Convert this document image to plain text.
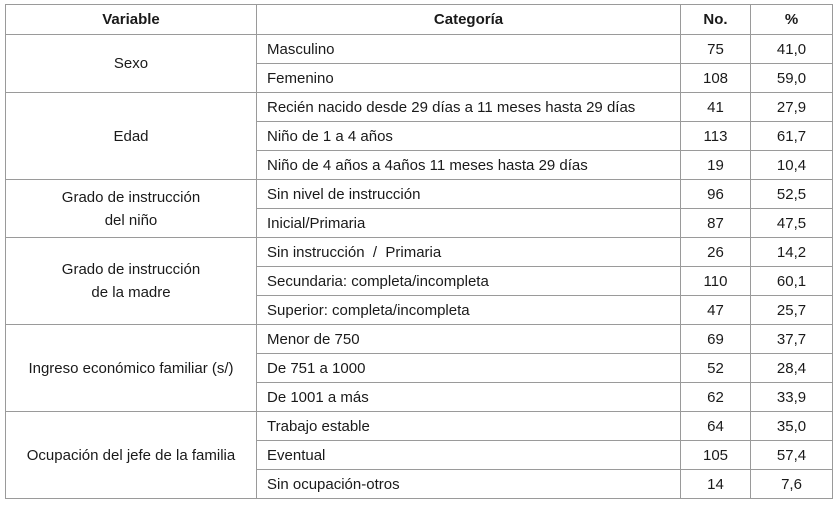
Variable	Categoría	No.	%

Sexo	Masculino	75	41,0
	Femenino	108	59,0

Edad	Recién nacido desde 29 días a 11 meses hasta 29 días	41	27,9
	Niño de 1 a 4 años	113	61,7
	Niño de 4 años a 4años 11 meses hasta 29 días	19	10,4

Grado de instrucción
del niño	Sin nivel de instrucción	96	52,5
	Inicial/Primaria	87	47,5

Grado de instrucción
de la madre	Sin instrucción  /  Primaria	26	14,2
	Secundaria: completa/incompleta	110	60,1
	Superior: completa/incompleta	47	25,7

Ingreso económico familiar (s/)	Menor de 750	69	37,7
	De 751 a 1000	52	28,4
	De 1001 a más	62	33,9

Ocupación del jefe de la familia	Trabajo estable	64	35,0
	Eventual	105	57,4
	Sin ocupación-otros	14	7,6
